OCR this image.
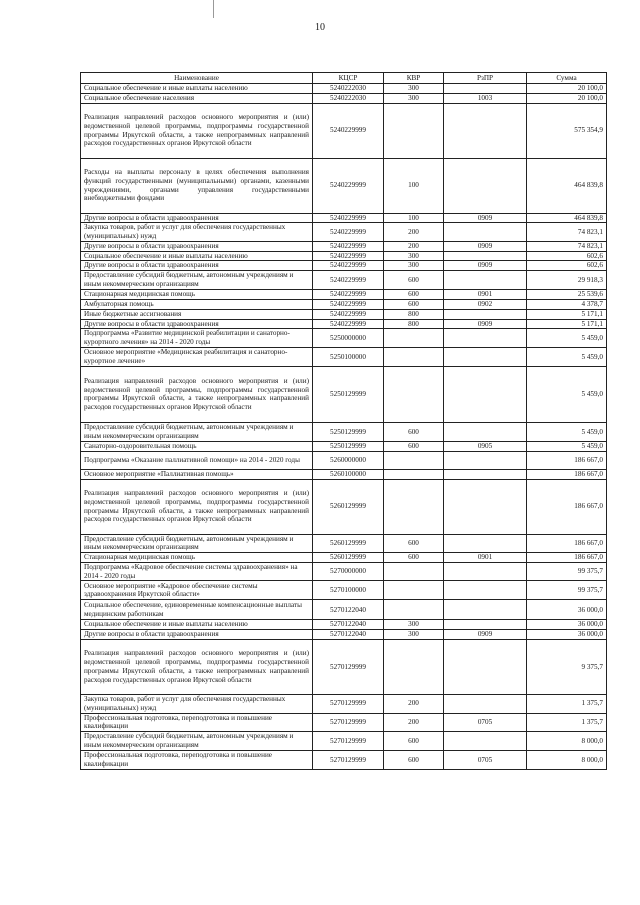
10
Наименование	КЦСР	КВР	РзПР	Сумма
Социальное обеспечение и иные выплаты населению	5240222030	300		20 100,0
Социальное обеспечение населения	5240222030	300	1003	20 100,0
Реализация направлений расходов основного мероприятия и (или) ведомственной целевой программы, подпрограммы государственной программы Иркутской области, а также непрограммных направлений расходов государственных органов Иркутской области	5240229999			575 354,9
Расходы на выплаты персоналу в целях обеспечения выполнения функций государственными (муниципальными) органами, казенными учреждениями, органами управления государственными внебюджетными фондами	5240229999	100		464 839,8
Другие вопросы в области здравоохранения	5240229999	100	0909	464 839,8
Закупка товаров, работ и услуг для обеспечения государственных (муниципальных) нужд	5240229999	200		74 823,1
Другие вопросы в области здравоохранения	5240229999	200	0909	74 823,1
Социальное обеспечение и иные выплаты населению	5240229999	300		602,6
Другие вопросы в области здравоохранения	5240229999	300	0909	602,6
Предоставление субсидий бюджетным, автономным учреждениям и иным некоммерческим организациям	5240229999	600		29 918,3
Стационарная медицинская помощь	5240229999	600	0901	25 539,6
Амбулаторная помощь	5240229999	600	0902	4 378,7
Иные бюджетные ассигнования	5240229999	800		5 171,1
Другие вопросы в области здравоохранения	5240229999	800	0909	5 171,1
Подпрограмма «Развитие медицинской реабилитации и санаторно-курортного лечения» на 2014 - 2020 годы	5250000000			5 459,0
Основное мероприятие «Медицинская реабилитация и санаторно-курортное лечение»	5250100000			5 459,0
Реализация направлений расходов основного мероприятия и (или) ведомственной целевой программы, подпрограммы государственной программы Иркутской области, а также непрограммных направлений расходов государственных органов Иркутской области	5250129999			5 459,0
Предоставление субсидий бюджетным, автономным учреждениям и иным некоммерческим организациям	5250129999	600		5 459,0
Санаторно-оздоровительная помощь	5250129999	600	0905	5 459,0
Подпрограмма «Оказание паллиативной помощи» на 2014 - 2020 годы	5260000000			186 667,0
Основное мероприятие «Паллиативная помощь»	5260100000			186 667,0
Реализация направлений расходов основного мероприятия и (или) ведомственной целевой программы, подпрограммы государственной программы Иркутской области, а также непрограммных направлений расходов государственных органов Иркутской области	5260129999			186 667,0
Предоставление субсидий бюджетным, автономным учреждениям и иным некоммерческим организациям	5260129999	600		186 667,0
Стационарная медицинская помощь	5260129999	600	0901	186 667,0
Подпрограмма «Кадровое обеспечение системы здравоохранения» на 2014 - 2020 годы	5270000000			99 375,7
Основное мероприятие «Кадровое обеспечение системы здравоохранения Иркутской области»	5270100000			99 375,7
Социальное обеспечение, единовременные компенсационные выплаты медицинским работникам	5270122040			36 000,0
Социальное обеспечение и иные выплаты населению	5270122040	300		36 000,0
Другие вопросы в области здравоохранения	5270122040	300	0909	36 000,0
Реализация направлений расходов основного мероприятия и (или) ведомственной целевой программы, подпрограммы государственной программы Иркутской области, а также непрограммных направлений расходов государственных органов Иркутской области	5270129999			9 375,7
Закупка товаров, работ и услуг для обеспечения государственных (муниципальных) нужд	5270129999	200		1 375,7
Профессиональная подготовка, переподготовка и повышение квалификации	5270129999	200	0705	1 375,7
Предоставление субсидий бюджетным, автономным учреждениям и иным некоммерческим организациям	5270129999	600		8 000,0
Профессиональная подготовка, переподготовка и повышение квалификации	5270129999	600	0705	8 000,0
